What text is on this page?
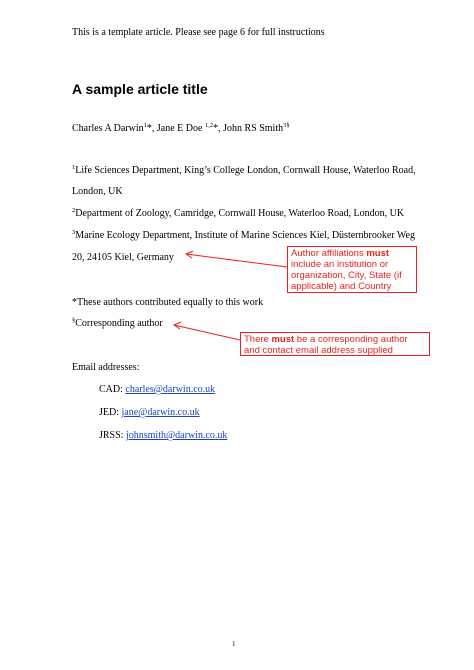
This is a template article. Please see page 6 for full instructions
A sample article title
Charles A Darwin$^1$*, Jane E Doe $^{1,2}$*, John RS Smith$^{3\S}$
$^1$Life Sciences Department, King’s College London, Cornwall House, Waterloo Road,
London, UK
$^2$Department of Zoology, Camridge, Cornwall House, Waterloo Road, London, UK
$^3$Marine Ecology Department, Institute of Marine Sciences Kiel, Düsternbrooker Weg
20, 24105 Kiel, Germany
*These authors contributed equally to this work
§Corresponding author
Email addresses:
CAD: charles@darwin.co.uk
JED: jane@darwin.co.uk
JRSS: johnsmith@darwin.co.uk
Author affiliations must include an institution or organization, City, State (if applicable) and Country
There must be a corresponding author and contact email address supplied
1
